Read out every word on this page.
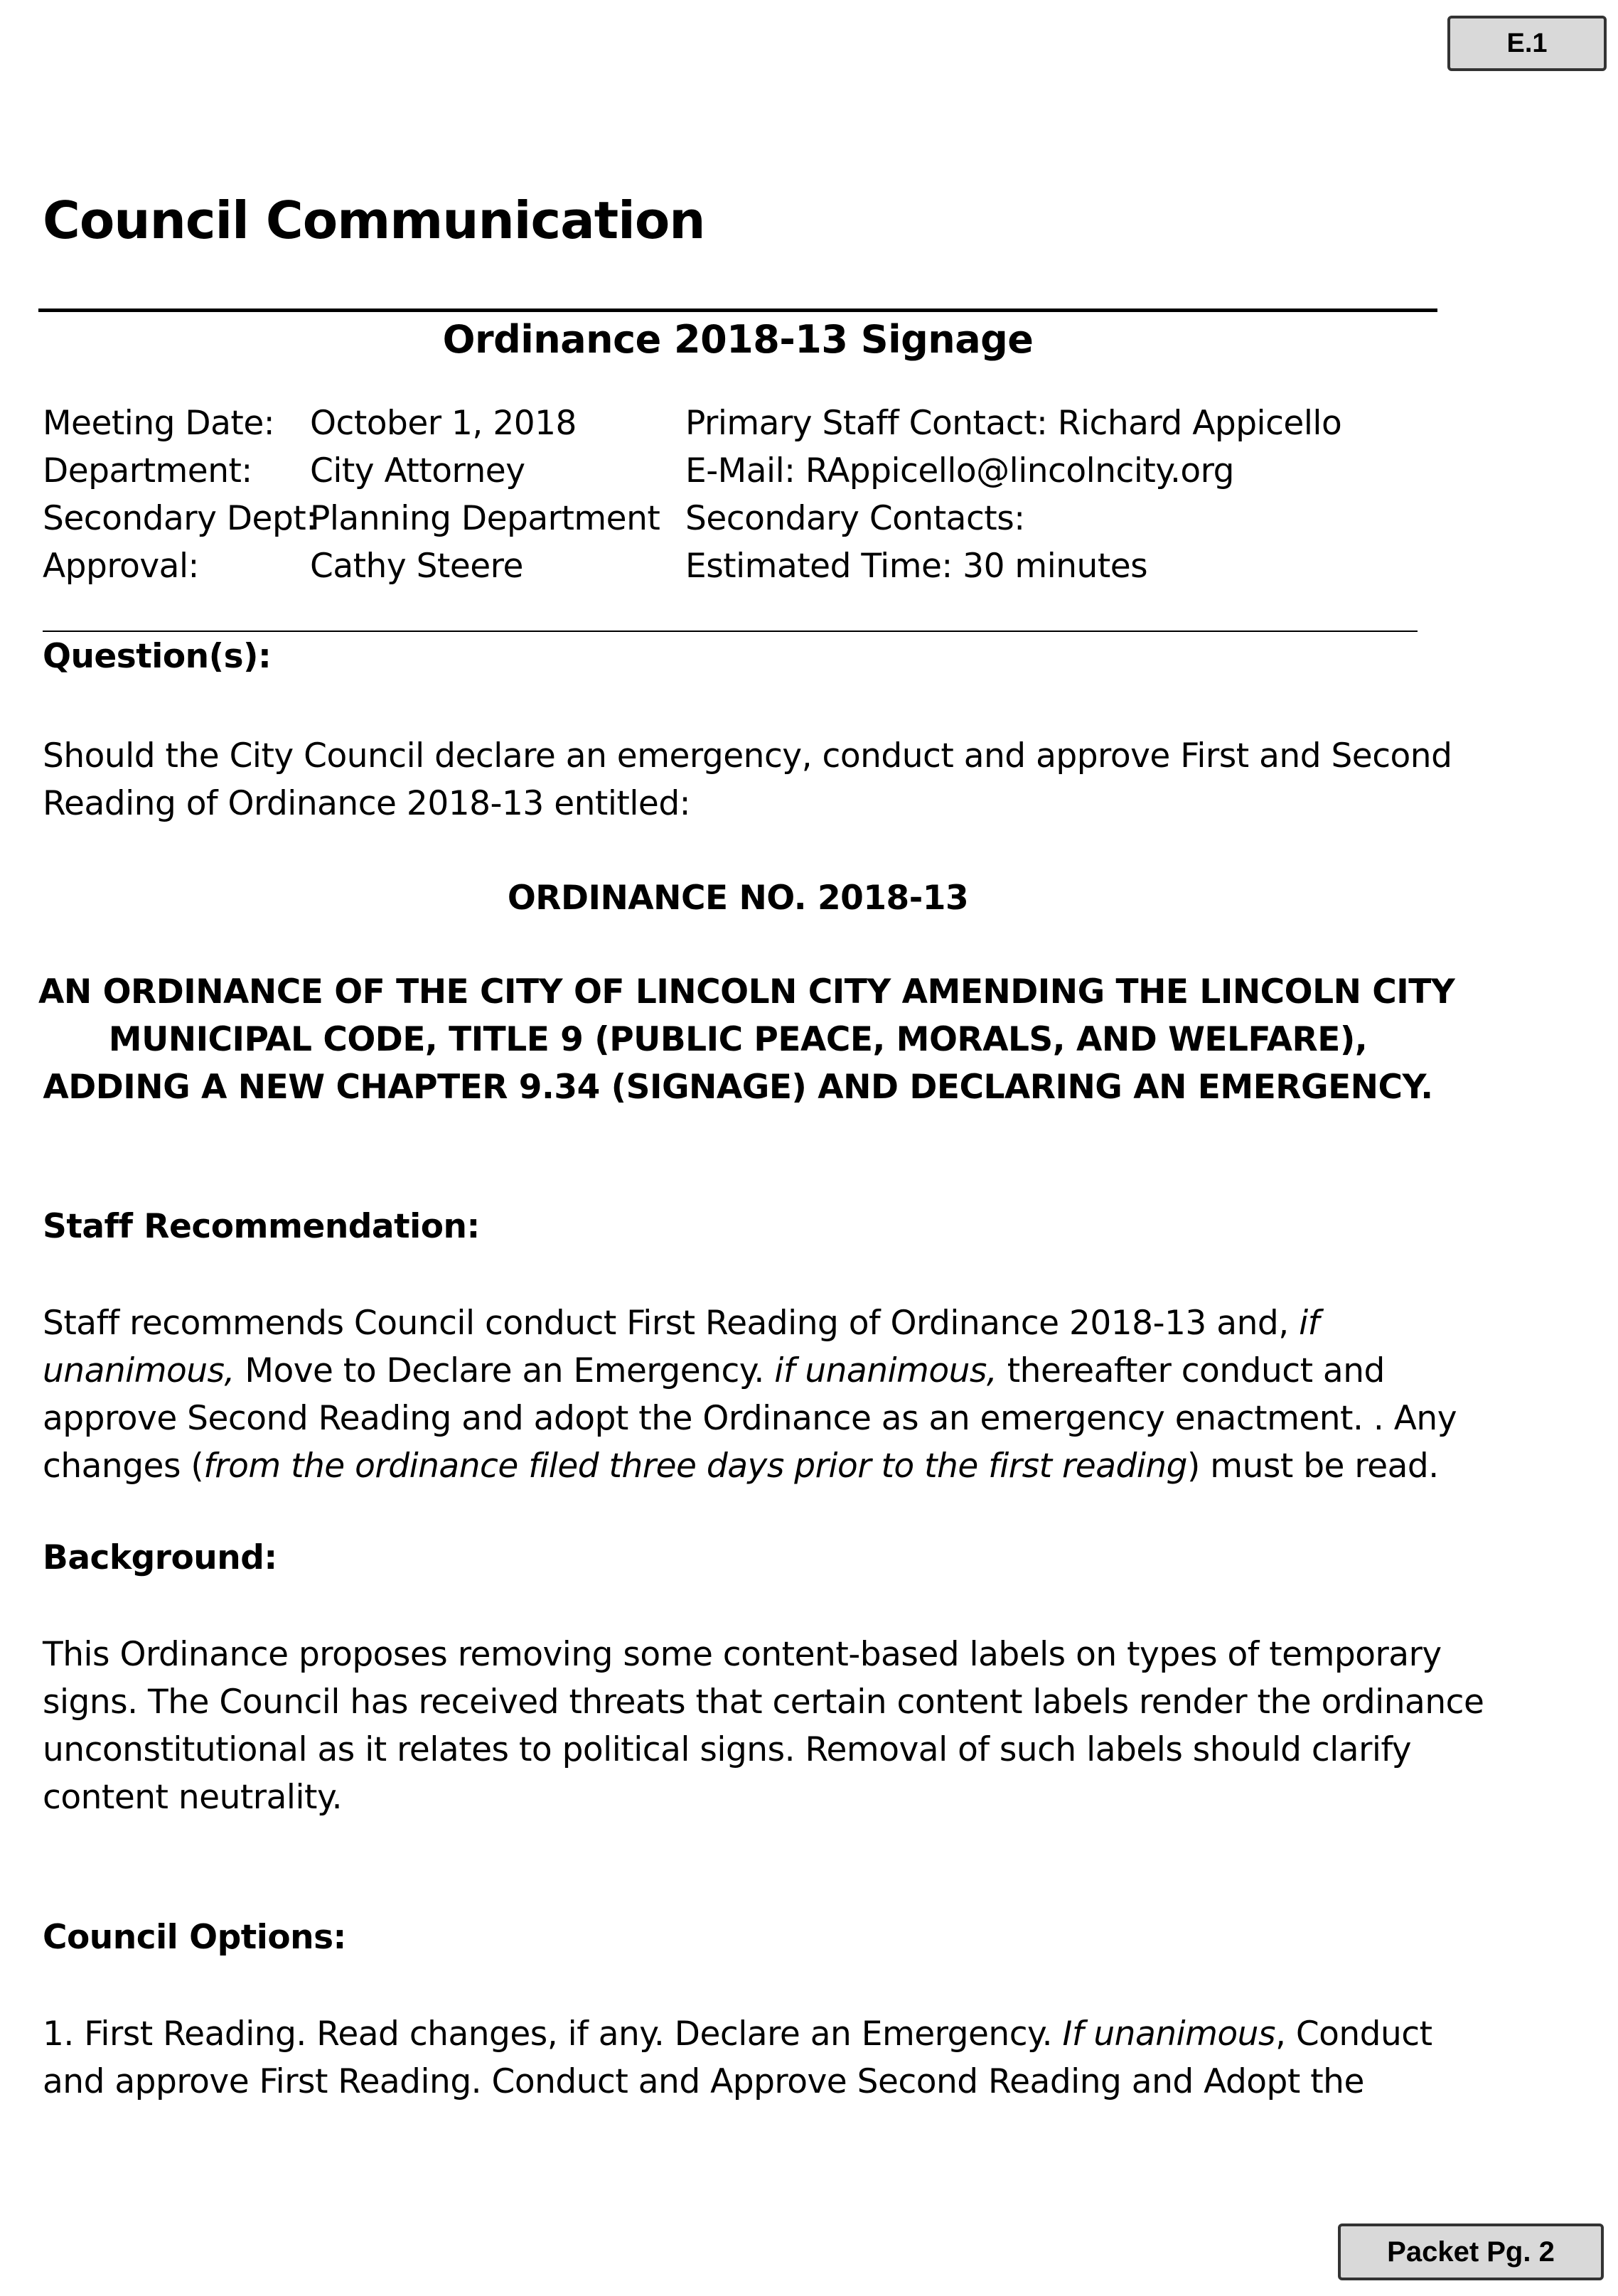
E.1
Council Communication
Ordinance 2018-13 Signage
Meeting Date:
Department:
Secondary Dept:
Approval:
October 1, 2018
City Attorney
Planning Department
Cathy Steere
Primary Staff Contact: Richard Appicello
E-Mail: RAppicello@lincolncity.org
Secondary Contacts:
Estimated Time: 30 minutes
Question(s):
Should the City Council declare an emergency, conduct and approve First and Second
Reading of Ordinance 2018-13 entitled:
ORDINANCE NO. 2018-13
AN ORDINANCE OF THE CITY OF LINCOLN CITY AMENDING THE LINCOLN CITY
MUNICIPAL CODE, TITLE 9 (PUBLIC PEACE, MORALS, AND WELFARE),
ADDING A NEW CHAPTER 9.34 (SIGNAGE) AND DECLARING AN EMERGENCY.
Staff Recommendation:
Staff recommends Council conduct First Reading of Ordinance 2018-13 and, if
unanimous, Move to Declare an Emergency. if unanimous, thereafter conduct and
approve Second Reading and adopt the Ordinance as an emergency enactment. . Any
changes (from the ordinance filed three days prior to the first reading) must be read.
Background:
This Ordinance proposes removing some content-based labels on types of temporary
signs. The Council has received threats that certain content labels render the ordinance
unconstitutional as it relates to political signs. Removal of such labels should clarify
content neutrality.
Council Options:
1. First Reading. Read changes, if any. Declare an Emergency. If unanimous, Conduct
and approve First Reading. Conduct and Approve Second Reading and Adopt the
Packet Pg. 2
